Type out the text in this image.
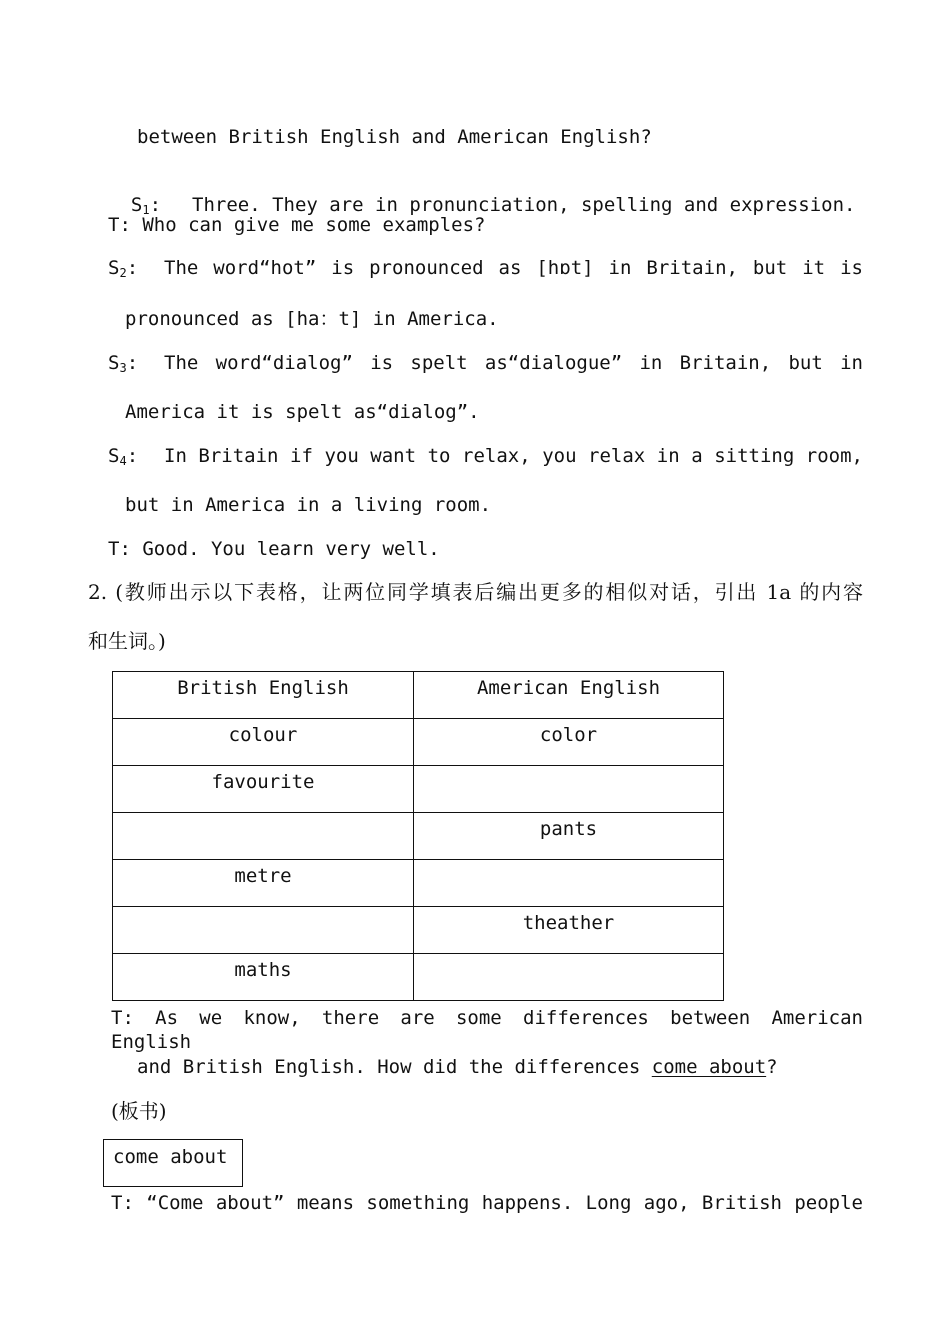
between British English and American English?

$S_1$: Three. They are in pronunciation, spelling and expression.

T: Who can give me some examples?
$S_2$: The word“hot” is pronounced as [hɒt] in Britain, but it is
pronounced as [ha：t] in America.
$S_3$: The word“dialog” is spelt as“dialogue” in Britain, but in
America it is spelt as“dialog”.
$S_4$: In Britain if you want to relax, you relax in a sitting room,
but in America in a living room.
T: Good. You learn very well.
2. (教师出示以下表格，让两位同学填表后编出更多的相似对话，引出 1a 的内容
和生词。)
British English	American English
colour	color
favourite	
	pants
metre	
	theather
maths	
T: As we know, there are some differences between American English
and British English. How did the differences come about?
(板书)
come about
T: “Come about” means something happens. Long ago, British people
